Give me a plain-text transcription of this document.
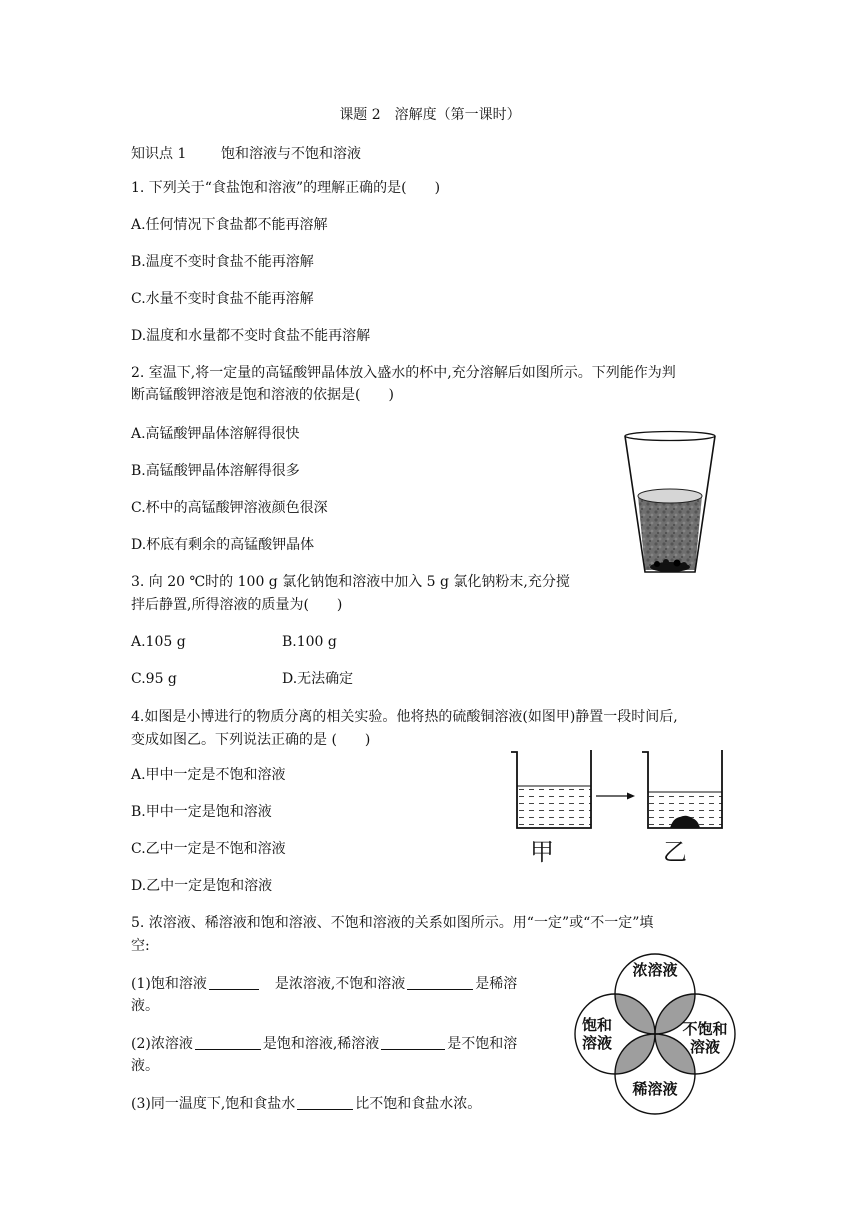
课题 2　溶解度（第一课时）
知识点 1 饱和溶液与不饱和溶液
1. 下列关于“食盐饱和溶液”的理解正确的是(　　)
A.任何情况下食盐都不能再溶解
B.温度不变时食盐不能再溶解
C.水量不变时食盐不能再溶解
D.温度和水量都不变时食盐不能再溶解
2. 室温下,将一定量的高锰酸钾晶体放入盛水的杯中,充分溶解后如图所示。下列能作为判
断高锰酸钾溶液是饱和溶液的依据是(　　)
A.高锰酸钾晶体溶解得很快
B.高锰酸钾晶体溶解得很多
C.杯中的高锰酸钾溶液颜色很深
D.杯底有剩余的高锰酸钾晶体
3. 向 20 ℃时的 100 g 氯化钠饱和溶液中加入 5 g 氯化钠粉末,充分搅
拌后静置,所得溶液的质量为(　　)
A.105 g	B.100 g
C.95 g	D.无法确定
4.如图是小博进行的物质分离的相关实验。他将热的硫酸铜溶液(如图甲)静置一段时间后,
变成如图乙。下列说法正确的是 (　　)
A.甲中一定是不饱和溶液
B.甲中一定是饱和溶液
C.乙中一定是不饱和溶液
D.乙中一定是饱和溶液
甲	乙
5. 浓溶液、稀溶液和饱和溶液、不饱和溶液的关系如图所示。用“一定”或“不一定”填
空:
(1)饱和溶液	是浓溶液,不饱和溶液	是稀溶
液。
(2)浓溶液	是饱和溶液,稀溶液	是不饱和溶
液。
(3)同一温度下,饱和食盐水	比不饱和食盐水浓。
浓溶液
饱和
溶液
不饱和
溶液
稀溶液
